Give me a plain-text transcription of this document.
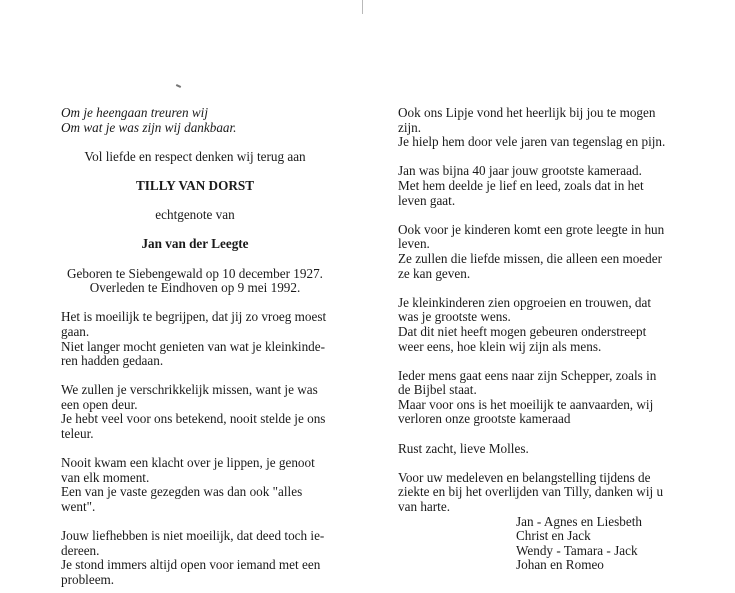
Om je heengaan treuren wij

Om wat je was zijn wij dankbaar.

Vol liefde en respect denken wij terug aan

TILLY VAN DORST

echtgenote van

Jan van der Leegte

Geboren te Siebengewald op 10 december 1927.

Overleden te Eindhoven op 9 mei 1992.

Het is moeilijk te begrijpen, dat jij zo vroeg moest

gaan.

Niet langer mocht genieten van wat je kleinkinde-

ren hadden gedaan.

We zullen je verschrikkelijk missen, want je was

een open deur.

Je hebt veel voor ons betekend, nooit stelde je ons

teleur.

Nooit kwam een klacht over je lippen, je genoot

van elk moment.

Een van je vaste gezegden was dan ook "alles

went".

Jouw liefhebben is niet moeilijk, dat deed toch ie-

dereen.

Je stond immers altijd open voor iemand met een

probleem.

Ook ons Lipje vond het heerlijk bij jou te mogen

zijn.

Je hielp hem door vele jaren van tegenslag en pijn.

Jan was bijna 40 jaar jouw grootste kameraad.

Met hem deelde je lief en leed, zoals dat in het

leven gaat.

Ook voor je kinderen komt een grote leegte in hun

leven.

Ze zullen die liefde missen, die alleen een moeder

ze kan geven.

Je kleinkinderen zien opgroeien en trouwen, dat

was je grootste wens.

Dat dit niet heeft mogen gebeuren onderstreept

weer eens, hoe klein wij zijn als mens.

Ieder mens gaat eens naar zijn Schepper, zoals in

de Bijbel staat.

Maar voor ons is het moeilijk te aanvaarden, wij

verloren onze grootste kameraad

Rust zacht, lieve Molles.

Voor uw medeleven en belangstelling tijdens de

ziekte en bij het overlijden van Tilly, danken wij u

van harte.

Jan - Agnes en Liesbeth

Christ en Jack

Wendy - Tamara - Jack

Johan en Romeo
